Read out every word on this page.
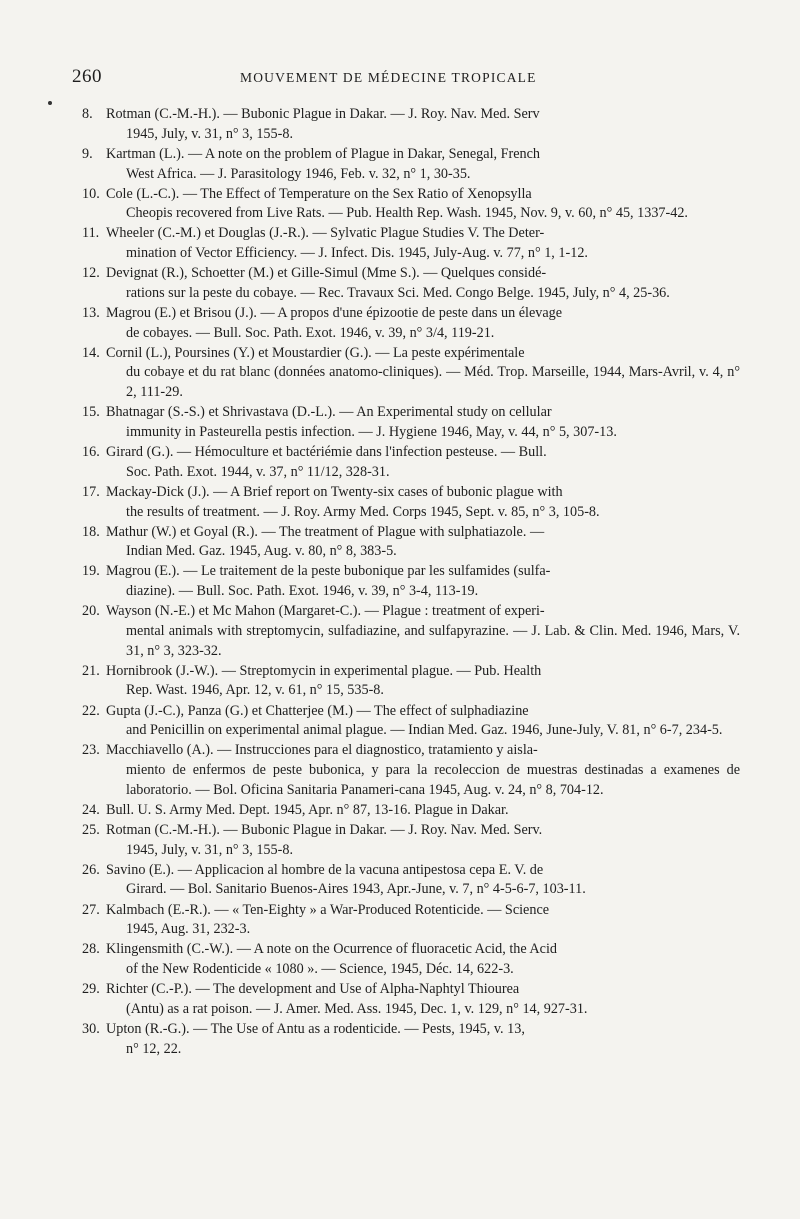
260	MOUVEMENT DE MÉDECINE TROPICALE
8. Rotman (C.-M.-H.). — Bubonic Plague in Dakar. — J. Roy. Nav. Med. Serv
1945, July, v. 31, n° 3, 155-8.
9. Kartman (L.). — A note on the problem of Plague in Dakar, Senegal, French
West Africa. — J. Parasitology 1946, Feb. v. 32, n° 1, 30-35.
10. Cole (L.-C.). — The Effect of Temperature on the Sex Ratio of Xenopsylla
Cheopis recovered from Live Rats. — Pub. Health Rep. Wash. 1945, Nov. 9, v. 60, n° 45, 1337-42.
11. Wheeler (C.-M.) et Douglas (J.-R.). — Sylvatic Plague Studies V. The Deter-
mination of Vector Efficiency. — J. Infect. Dis. 1945, July-Aug. v. 77, n° 1, 1-12.
12. Devignat (R.), Schoetter (M.) et Gille-Simul (Mme S.). — Quelques considé-
rations sur la peste du cobaye. — Rec. Travaux Sci. Med. Congo Belge. 1945, July, n° 4, 25-36.
13. Magrou (E.) et Brisou (J.). — A propos d'une épizootie de peste dans un élevage
de cobayes. — Bull. Soc. Path. Exot. 1946, v. 39, n° 3/4, 119-21.
14. Cornil (L.), Poursines (Y.) et Moustardier (G.). — La peste expérimentale
du cobaye et du rat blanc (données anatomo-cliniques). — Méd. Trop. Marseille, 1944, Mars-Avril, v. 4, n° 2, 111-29.
15. Bhatnagar (S.-S.) et Shrivastava (D.-L.). — An Experimental study on cellular
immunity in Pasteurella pestis infection. — J. Hygiene 1946, May, v. 44, n° 5, 307-13.
16. Girard (G.). — Hémoculture et bactériémie dans l'infection pesteuse. — Bull.
Soc. Path. Exot. 1944, v. 37, n° 11/12, 328-31.
17. Mackay-Dick (J.). — A Brief report on Twenty-six cases of bubonic plague with
the results of treatment. — J. Roy. Army Med. Corps 1945, Sept. v. 85, n° 3, 105-8.
18. Mathur (W.) et Goyal (R.). — The treatment of Plague with sulphatiazole. —
Indian Med. Gaz. 1945, Aug. v. 80, n° 8, 383-5.
19. Magrou (E.). — Le traitement de la peste bubonique par les sulfamides (sulfa-
diazine). — Bull. Soc. Path. Exot. 1946, v. 39, n° 3-4, 113-19.
20. Wayson (N.-E.) et Mc Mahon (Margaret-C.). — Plague : treatment of experi-
mental animals with streptomycin, sulfadiazine, and sulfapyrazine. — J. Lab. & Clin. Med. 1946, Mars, V. 31, n° 3, 323-32.
21. Hornibrook (J.-W.). — Streptomycin in experimental plague. — Pub. Health
Rep. Wast. 1946, Apr. 12, v. 61, n° 15, 535-8.
22. Gupta (J.-C.), Panza (G.) et Chatterjee (M.) — The effect of sulphadiazine
and Penicillin on experimental animal plague. — Indian Med. Gaz. 1946, June-July, V. 81, n° 6-7, 234-5.
23. Macchiavello (A.). — Instrucciones para el diagnostico, tratamiento y aisla-
miento de enfermos de peste bubonica, y para la recoleccion de muestras destinadas a examenes de laboratorio. — Bol. Oficina Sanitaria Panameri-cana 1945, Aug. v. 24, n° 8, 704-12.
24. Bull. U. S. Army Med. Dept. 1945, Apr. n° 87, 13-16. Plague in Dakar.
25. Rotman (C.-M.-H.). — Bubonic Plague in Dakar. — J. Roy. Nav. Med. Serv.
1945, July, v. 31, n° 3, 155-8.
26. Savino (E.). — Applicacion al hombre de la vacuna antipestosa cepa E. V. de
Girard. — Bol. Sanitario Buenos-Aires 1943, Apr.-June, v. 7, n° 4-5-6-7, 103-11.
27. Kalmbach (E.-R.). — « Ten-Eighty » a War-Produced Rotenticide. — Science
1945, Aug. 31, 232-3.
28. Klingensmith (C.-W.). — A note on the Ocurrence of fluoracetic Acid, the Acid
of the New Rodenticide « 1080 ». — Science, 1945, Déc. 14, 622-3.
29. Richter (C.-P.). — The development and Use of Alpha-Naphtyl Thiourea
(Antu) as a rat poison. — J. Amer. Med. Ass. 1945, Dec. 1, v. 129, n° 14, 927-31.
30. Upton (R.-G.). — The Use of Antu as a rodenticide. — Pests, 1945, v. 13,
n° 12, 22.
